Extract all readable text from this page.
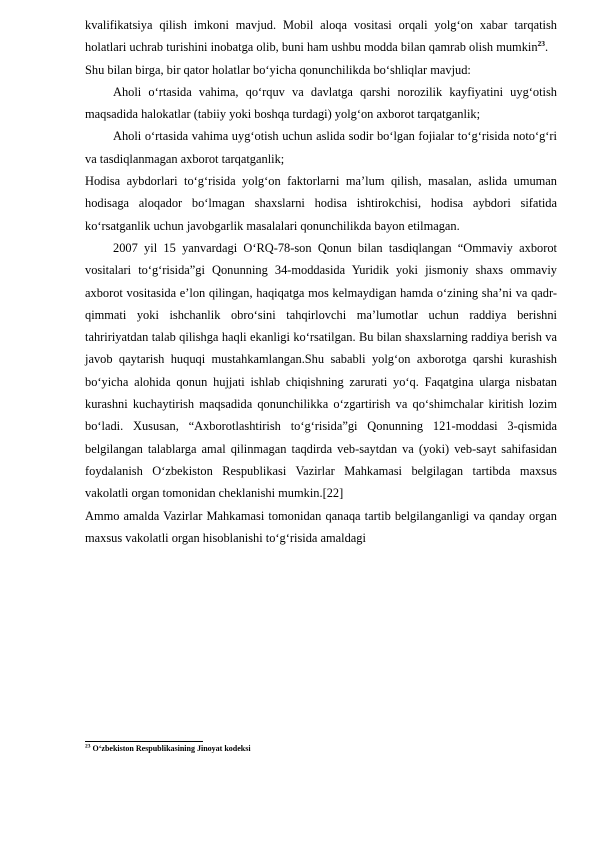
kvalifikatsiya qilish imkoni mavjud. Mobil aloqa vositasi orqali yolg‘on xabar tarqatish holatlari uchrab turishini inobatga olib, buni ham ushbu modda bilan qamrab olish mumkin$^{23}$.

Shu bilan birga, bir qator holatlar bo‘yicha qonunchilikda bo‘shliqlar mavjud:

Aholi o‘rtasida vahima, qo‘rquv va davlatga qarshi norozilik kayfiyatini uyg‘otish maqsadida halokatlar (tabiiy yoki boshqa turdagi) yolg‘on axborot tarqatganlik;

Aholi o‘rtasida vahima uyg‘otish uchun aslida sodir bo‘lgan fojialar to‘g‘risida noto‘g‘ri va tasdiqlanmagan axborot tarqatganlik;

Hodisa aybdorlari to‘g‘risida yolg‘on faktorlarni ma’lum qilish, masalan, aslida umuman hodisaga aloqador bo‘lmagan shaxslarni hodisa ishtirokchisi, hodisa aybdori sifatida ko‘rsatganlik uchun javobgarlik masalalari qonunchilikda bayon etilmagan.

2007 yil 15 yanvardagi O‘RQ-78-son Qonun bilan tasdiqlangan “Ommaviy axborot vositalari to‘g‘risida”gi Qonunning 34-moddasida Yuridik yoki jismoniy shaxs ommaviy axborot vositasida e’lon qilingan, haqiqatga mos kelmaydigan hamda o‘zining sha’ni va qadr-qimmati yoki ishchanlik obro‘sini tahqirlovchi ma’lumotlar uchun raddiya berishni tahririyatdan talab qilishga haqli ekanligi ko‘rsatilgan. Bu bilan shaxslarning raddiya berish va javob qaytarish huquqi mustahkamlangan.Shu sababli yolg‘on axborotga qarshi kurashish bo‘yicha alohida qonun hujjati ishlab chiqishning zarurati yo‘q. Faqatgina ularga nisbatan kurashni kuchaytirish maqsadida qonunchilikka o‘zgartirish va qo‘shimchalar kiritish lozim bo‘ladi. Xususan, “Axborotlashtirish to‘g‘risida”gi Qonunning 121-moddasi 3-qismida belgilangan talablarga amal qilinmagan taqdirda veb-saytdan va (yoki) veb-sayt sahifasidan foydalanish O‘zbekiston Respublikasi Vazirlar Mahkamasi belgilagan tartibda maxsus vakolatli organ tomonidan cheklanishi mumkin.[22]

Ammo amalda Vazirlar Mahkamasi tomonidan qanaqa tartib belgilanganligi va qanday organ maxsus vakolatli organ hisoblanishi to‘g‘risida amaldagi

$^{23}$ O‘zbekiston Respublikasining Jinoyat kodeksi
